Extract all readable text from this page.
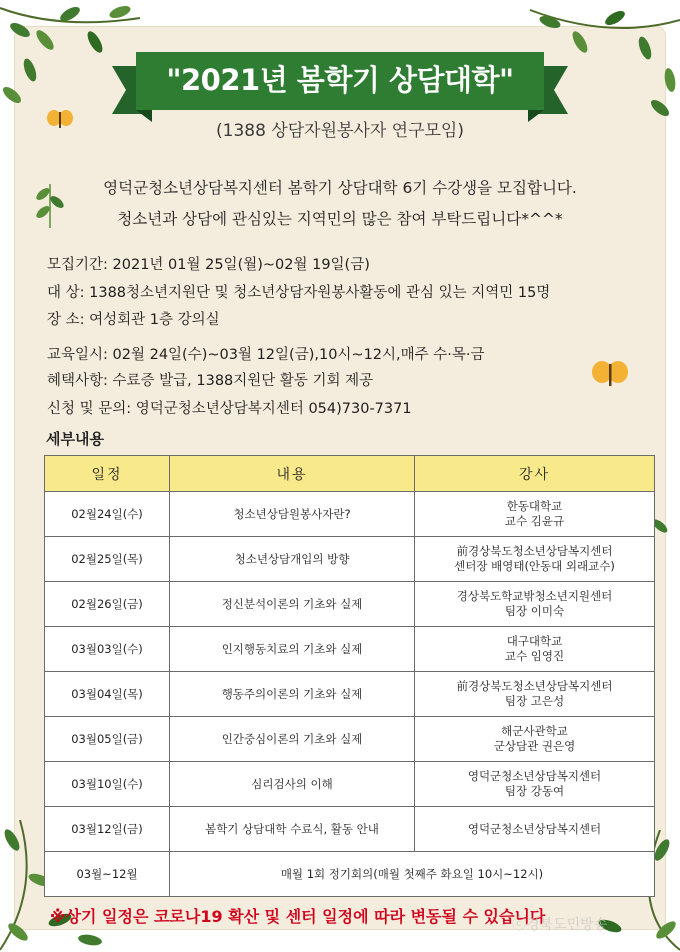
"2021년 봄학기 상담대학"
(1388 상담자원봉사자 연구모임)
영덕군청소년상담복지센터 봄학기 상담대학 6기 수강생을 모집합니다.
청소년과 상담에 관심있는 지역민의 많은 참여 부탁드립니다*^^*
모집기간: 2021년 01월 25일(월)~02월 19일(금)
대 상: 1388청소년지원단 및 청소년상담자원봉사활동에 관심 있는 지역민 15명
장 소: 여성회관 1층 강의실
교육일시: 02월 24일(수)~03월 12일(금),10시~12시,매주 수·목·금
혜택사항: 수료증 발급, 1388지원단 활동 기회 제공
신청 및 문의: 영덕군청소년상담복지센터 054)730-7371
세부내용
일정	내용	강사
02월24일(수)	청소년상담원봉사자란?	한동대학교
교수 김윤규
02월25일(목)	청소년상담개입의 방향	前경상북도청소년상담복지센터
센터장 배영태(안동대 외래교수)
02월26일(금)	정신분석이론의 기초와 실제	경상북도학교밖청소년지원센터
팀장 이미숙
03월03일(수)	인지행동치료의 기초와 실제	대구대학교
교수 임영진
03월04일(목)	행동주의이론의 기초와 실제	前경상북도청소년상담복지센터
팀장 고은성
03월05일(금)	인간중심이론의 기초와 실제	해군사관학교
군상담관 권은영
03월10일(수)	심리검사의 이해	영덕군청소년상담복지센터
팀장 강동여
03월12일(금)	봄학기 상담대학 수료식, 활동 안내	영덕군청소년상담복지센터
03월~12월	매월 1회 정기회의(매월 첫째주 화요일 10시~12시)	
※상기 일정은 코로나19 확산 및 센터 일정에 따라 변동될 수 있습니다
ⓒ경북도민방송
